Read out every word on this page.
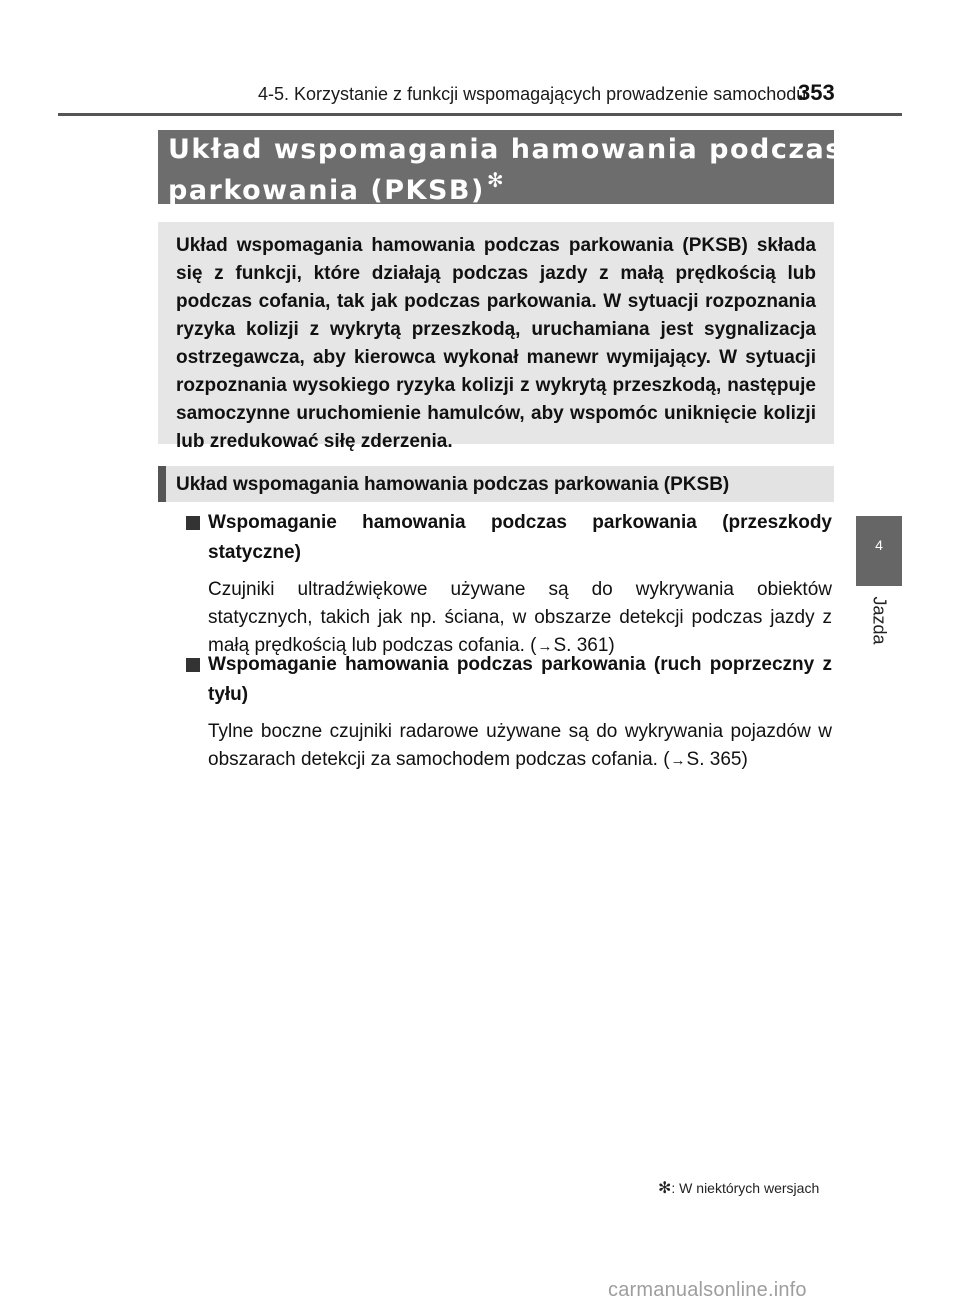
4-5. Korzystanie z funkcji wspomagających prowadzenie samochodu
353
4
Jazda
Układ wspomagania hamowania podczas
parkowania (PKSB) ✻
Układ wspomagania hamowania podczas parkowania (PKSB) składa się z funkcji, które działają podczas jazdy z małą prędkością lub podczas cofania, tak jak podczas parkowania. W sytuacji rozpoznania ryzyka kolizji z wykrytą przeszkodą, uruchamiana jest sygnalizacja ostrzegawcza, aby kierowca wykonał manewr wymijający. W sytuacji rozpoznania wysokiego ryzyka kolizji z wykrytą przeszkodą, następuje samoczynne uruchomienie hamulców, aby wspomóc uniknięcie kolizji lub zredukować siłę zderzenia.
Układ wspomagania hamowania podczas parkowania (PKSB)
Wspomaganie hamowania podczas parkowania (przeszkody statyczne)
Czujniki ultradźwiękowe używane są do wykrywania obiektów statycznych, takich jak np. ściana, w obszarze detekcji podczas jazdy z małą prędkością lub podczas cofania. (→S. 361)
Wspomaganie hamowania podczas parkowania (ruch poprzeczny z tyłu)
Tylne boczne czujniki radarowe używane są do wykrywania pojazdów w obszarach detekcji za samochodem podczas cofania. (→S. 365)
✻: W niektórych wersjach
carmanualsonline.info
